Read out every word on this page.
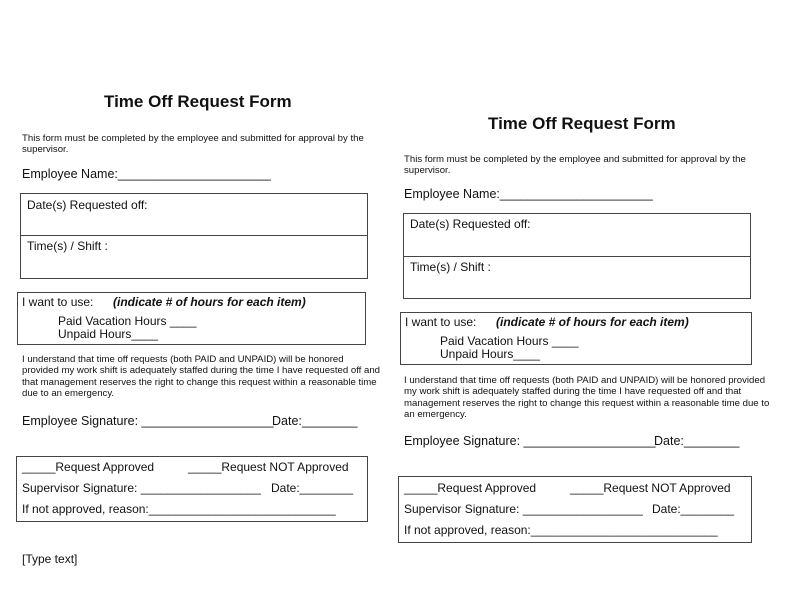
Time Off Request Form
This form must be completed by the employee and submitted for approval by the supervisor.
Employee Name:______________________
Date(s) Requested off:
Time(s) / Shift :
I want to use: (indicate # of hours for each item)
Paid Vacation Hours ____
Unpaid Hours____
I understand that time off requests (both PAID and UNPAID) will be honored provided my work shift is adequately staffed during the time I have requested off and that management reserves the right to change this request within a reasonable time due to an emergency.
Employee Signature: ___________________
Date:________
_____Request Approved	_____Request NOT Approved
Supervisor Signature: __________________ Date:________
If not approved, reason:____________________________
[Type text]
Time Off Request Form
This form must be completed by the employee and submitted for approval by the supervisor.
Employee Name:______________________
Date(s) Requested off:
Time(s) / Shift :
I want to use: (indicate # of hours for each item)
Paid Vacation Hours ____
Unpaid Hours____
I understand that time off requests (both PAID and UNPAID) will be honored provided my work shift is adequately staffed during the time I have requested off and that management reserves the right to change this request within a reasonable time due to an emergency.
Employee Signature: ___________________
Date:________
_____Request Approved	_____Request NOT Approved
Supervisor Signature: __________________ Date:________
If not approved, reason:____________________________
